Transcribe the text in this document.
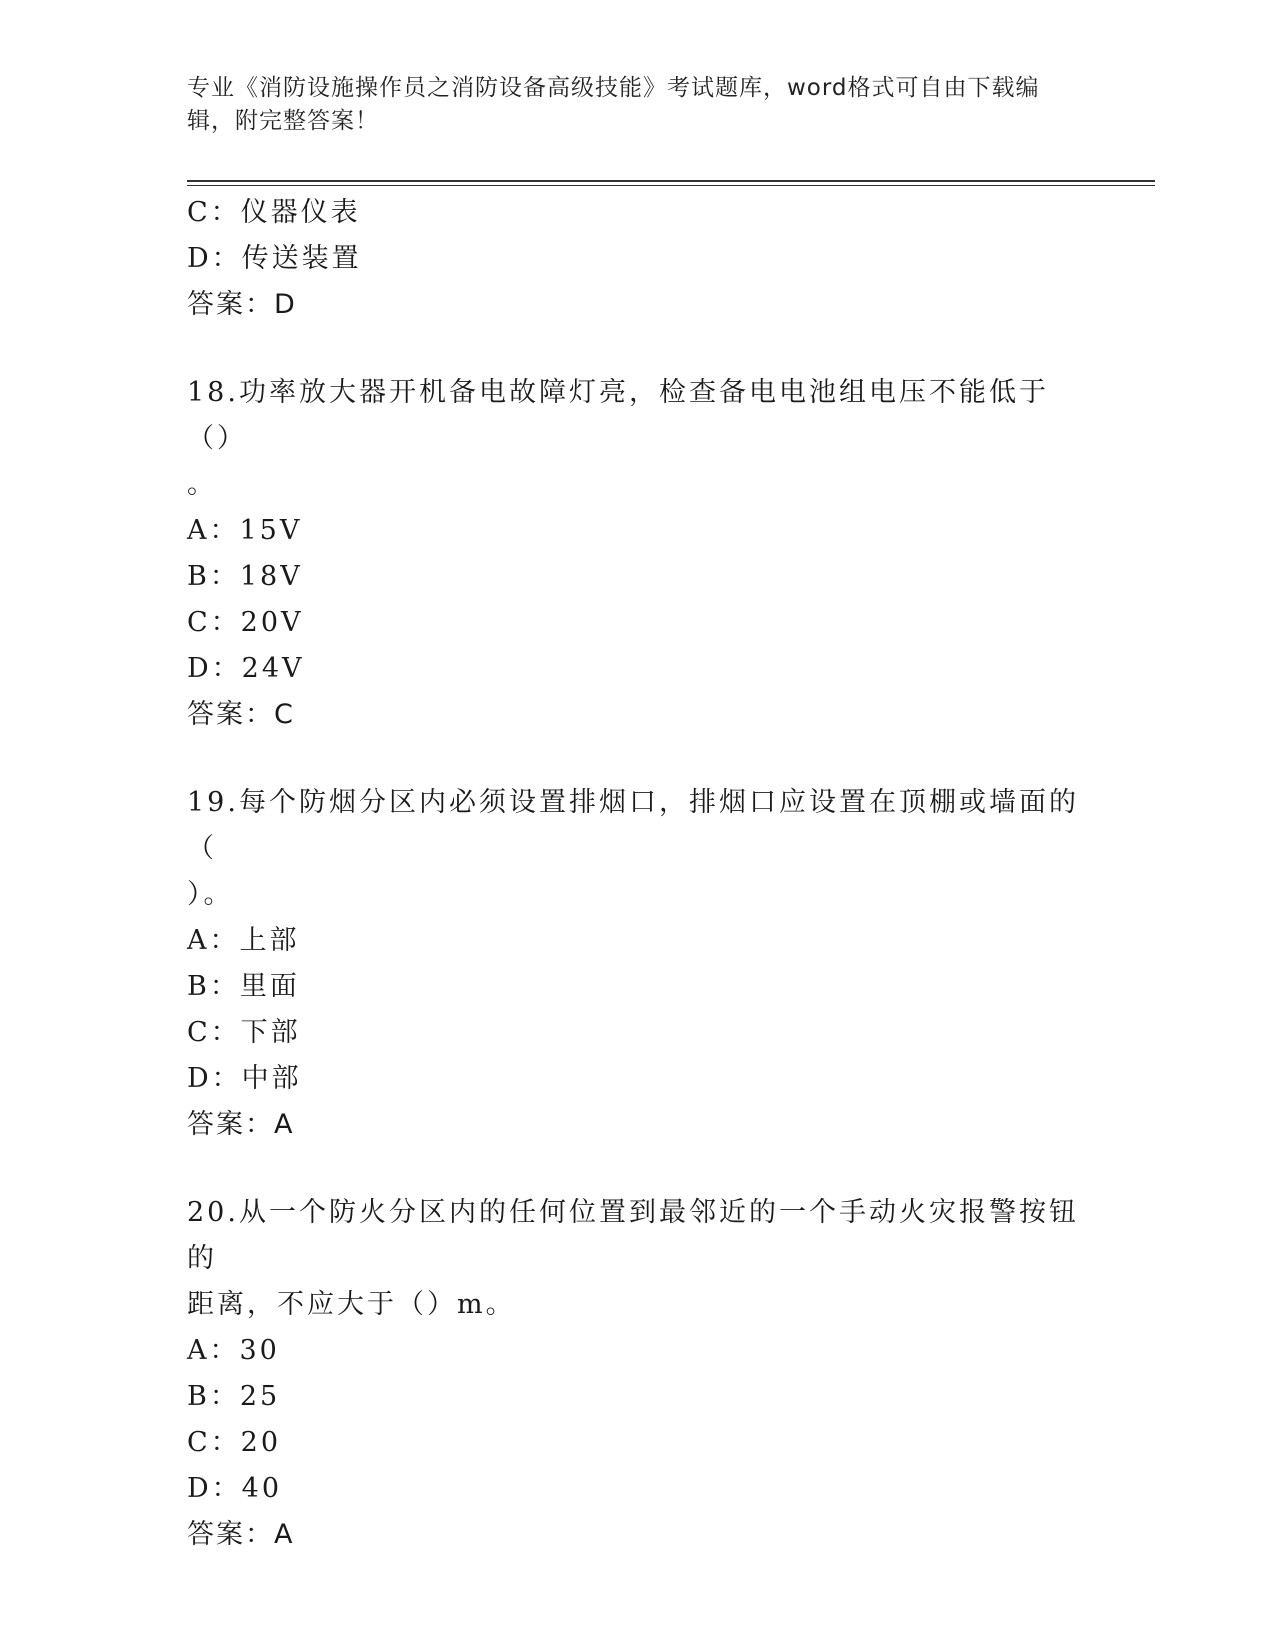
专业《消防设施操作员之消防设备高级技能》考试题库，word格式可自由下载编
辑，附完整答案！
C：仪器仪表
D：传送装置
答案：D
18.功率放大器开机备电故障灯亮，检查备电电池组电压不能低于（）
。
A：15V
B：18V
C：20V
D：24V
答案：C
19.每个防烟分区内必须设置排烟口，排烟口应设置在顶棚或墙面的（
）。
A：上部
B：里面
C：下部
D：中部
答案：A
20.从一个防火分区内的任何位置到最邻近的一个手动火灾报警按钮的
距离，不应大于（）m。
A：30
B：25
C：20
D：40
答案：A
